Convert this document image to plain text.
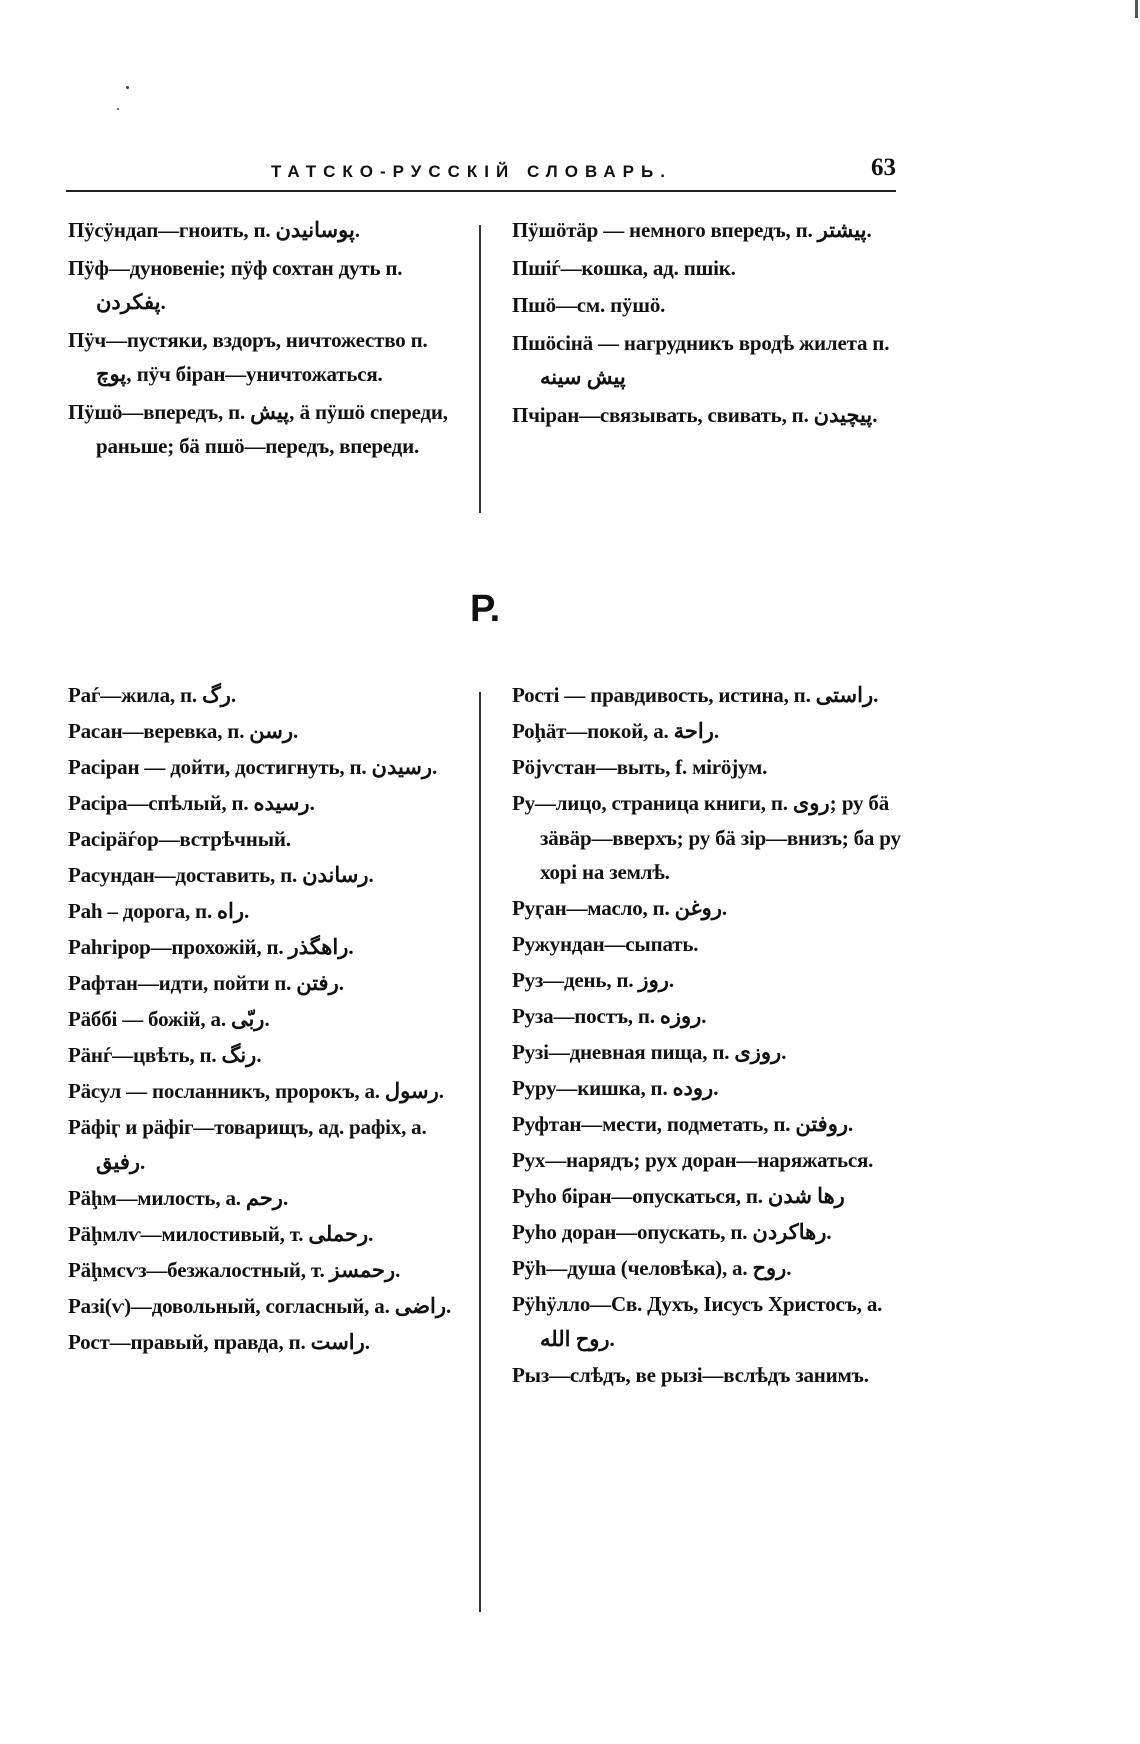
ТАТСКО-РУССКІЙ СЛОВАРЬ.	63

Пӱсӱндап—гноить, п. پوسانيدن.

Пӱф—дуновеніе; пӱф сохтан дуть п. پفكردن.

Пӱч—пустяки, вздоръ, ничтожество п. پوچ, пӱч біран—уничтожаться.

Пӱшö—впередъ, п. پيش, ä пӱшö спереди, раньше; бä пшö—передъ, впереди.

Пӱшöтäр — немного впередъ, п. پيشتر.

Пшіѓ—кошка, ад. пшік.

Пшö—см. пӱшö.

Пшöсінä — нагрудникъ вродѣ жилета п. پيش سينه

Пчіран—связывать, свивать, п. پيچيدن.

Р.

Раѓ—жила, п. رگ.

Расан—веревка, п. رسن.

Расіран — дойти, достигнуть, п. رسيدن.

Расіра—спѣлый, п. رسيده.

Расірäѓор—встрѣчный.

Расундан—доставить, п. رساندن.

Раһ – дорога, п. راه.

Раһгірор—прохожій, п. راهگذر.

Рафтан—идти, пойти п. رفتن.

Рäббі — божій, а. ربّى.

Рäнѓ—цвѣть, п. رنگ.

Рäсул — посланникъ, пророкъ, а. رسول.

Рäфіӷ и рäфіг—товарищъ, ад. рафіх, а. رفيق.

Рäḩм—милость, а. رحم.

Рäḩмлѵ—милостивый, т. رحملى.

Рäḩмсѵз—безжалостный, т. رحمسز.

Разі(ѵ)—довольный, согласный, а. راضى.

Рост—правый, правда, п. راست.

Рості — правдивость, истина, п. راستى.

Роḩäт—покой, а. راحة.

Рöјѵстан—выть, f. міröјум.

Ру—лицо, страница книги, п. روى; ру бä зäвäр—вверхъ; ру бä зір—внизъ; ба ру хорі на землѣ.

Руӷан—масло, п. روغن.

Ружундан—сыпать.

Руз—день, п. روز.

Руза—постъ, п. روزه.

Рузі—дневная пища, п. روزى.

Руру—кишка, п. روده.

Руфтан—мести, подметать, п. روفتن.

Рух—нарядъ; рух доран—наряжаться.

Руһо біран—опускаться, п. رها شدن

Руһо доран—опускать, п. رهاكردن.

Рӱһ—душа (человѣка), а. روح.

Рӱһӱлло—Св. Духъ, Іисусъ Христосъ, а. روح الله.

Рыз—слѣдъ, ве рызі—вслѣдъ занимъ.
